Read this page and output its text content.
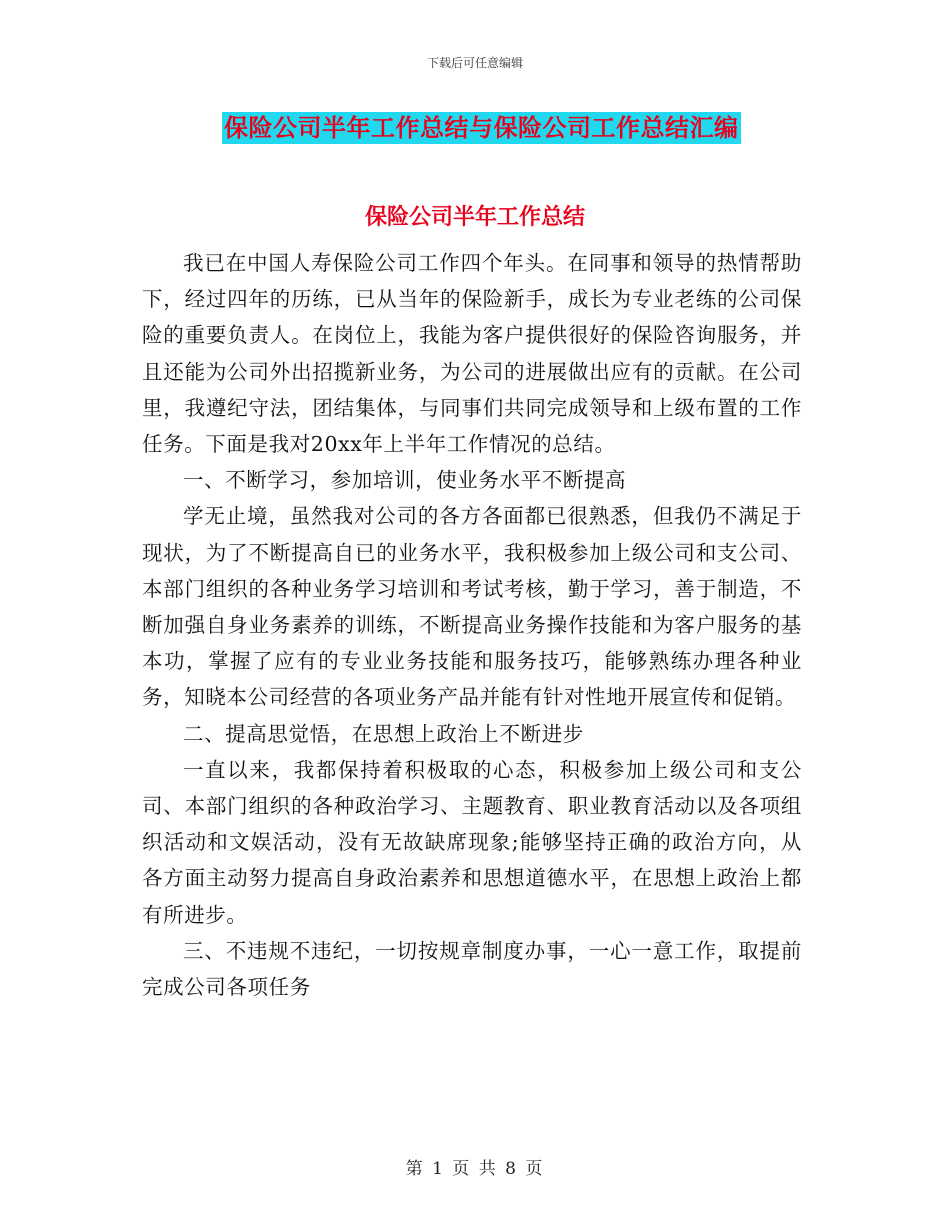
下载后可任意编辑
保险公司半年工作总结与保险公司工作总结汇编
保险公司半年工作总结

我已在中国人寿保险公司工作四个年头。在同事和领导的热情帮助下，经过四年的历练，已从当年的保险新手，成长为专业老练的公司保险的重要负责人。在岗位上，我能为客户提供很好的保险咨询服务，并且还能为公司外出招揽新业务，为公司的进展做出应有的贡献。在公司里，我遵纪守法，团结集体，与同事们共同完成领导和上级布置的工作任务。下面是我对20xx年上半年工作情况的总结。

一、不断学习，参加培训，使业务水平不断提高

学无止境，虽然我对公司的各方各面都已很熟悉，但我仍不满足于现状，为了不断提高自已的业务水平，我积极参加上级公司和支公司、本部门组织的各种业务学习培训和考试考核，勤于学习，善于制造，不断加强自身业务素养的训练，不断提高业务操作技能和为客户服务的基本功，掌握了应有的专业业务技能和服务技巧，能够熟练办理各种业务，知晓本公司经营的各项业务产品并能有针对性地开展宣传和促销。

二、提高思觉悟，在思想上政治上不断进步

一直以来，我都保持着积极取的心态，积极参加上级公司和支公司、本部门组织的各种政治学习、主题教育、职业教育活动以及各项组织活动和文娱活动，没有无故缺席现象;能够坚持正确的政治方向，从各方面主动努力提高自身政治素养和思想道德水平，在思想上政治上都有所进步。

三、不违规不违纪，一切按规章制度办事，一心一意工作，取提前完成公司各项任务

第 1 页 共 8 页
